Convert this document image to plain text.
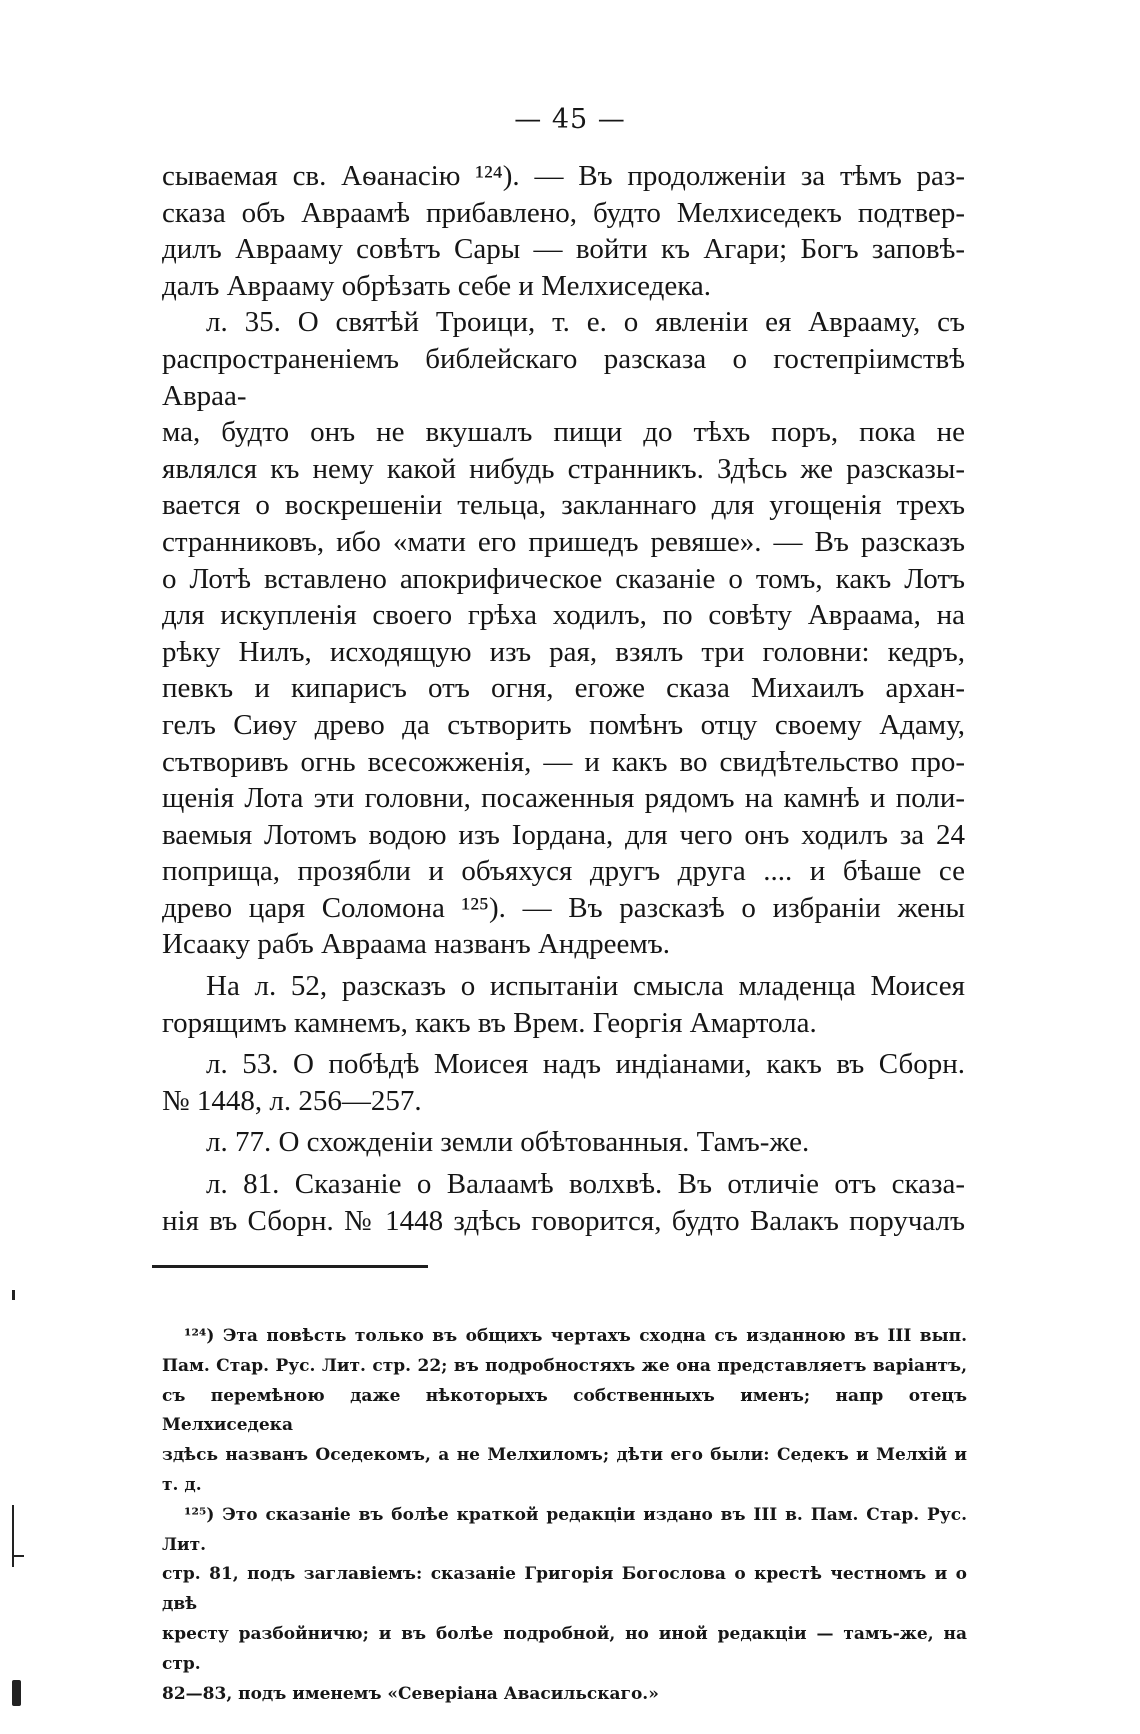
— 45 —

сываемая св. Аѳанасію ¹²⁴). — Въ продолженіи за тѣмъ раз-

сказа объ Авраамѣ прибавлено, будто Мелхиседекъ подтвер-

дилъ Аврааму совѣтъ Сары — войти къ Агари; Богъ заповѣ-

далъ Аврааму обрѣзать себе и Мелхиседека.

л. 35. О святѣй Троици, т. е. о явленіи ея Аврааму, съ

распространеніемъ библейскаго разсказа о гостепріимствѣ Авраа-

ма, будто онъ не вкушалъ пищи до тѣхъ поръ, пока не

являлся къ нему какой нибудь странникъ. Здѣсь же разсказы-

вается о воскрешеніи тельца, закланнаго для угощенія трехъ

странниковъ, ибо «мати его пришедъ ревяше». — Въ разсказъ

о Лотѣ вставлено апокрифическое сказаніе о томъ, какъ Лотъ

для искупленія своего грѣха ходилъ, по совѣту Авраама, на

рѣку Нилъ, исходящую изъ рая, взялъ три головни: кедръ,

певкъ и кипарисъ отъ огня, егоже сказа Михаилъ архан-

гелъ Сиѳу древо да сътворить помѣнъ отцу своему Адаму,

сътворивъ огнь всесожженія, — и какъ во свидѣтельство про-

щенія Лота эти головни, посаженныя рядомъ на камнѣ и поли-

ваемыя Лотомъ водою изъ Іордана, для чего онъ ходилъ за 24

поприща, прозябли и объяхуся другъ друга .... и бѣаше се

древо царя Соломона ¹²⁵). — Въ разсказѣ о избраніи жены

Исааку рабъ Авраама названъ Андреемъ.

На л. 52, разсказъ о испытаніи смысла младенца Моисея

горящимъ камнемъ, какъ въ Врем. Георгія Амартола.

л. 53. О побѣдѣ Моисея надъ индіанами, какъ въ Сборн.

№ 1448, л. 256—257.

л. 77. О схожденіи земли обѣтованныя. Тамъ-же.

л. 81. Сказаніе о Валаамѣ волхвѣ. Въ отличіе отъ сказа-

нія въ Сборн. № 1448 здѣсь говорится, будто Валакъ поручалъ

¹²⁴) Эта повѣсть только въ общихъ чертахъ сходна съ изданною въ III вып.

Пам. Стар. Рус. Лит. стр. 22; въ подробностяхъ же она представляетъ варіантъ,

съ перемѣною даже нѣкоторыхъ собственныхъ именъ; напр отецъ Мелхиседека

здѣсь названъ Оседекомъ, а не Мелхиломъ; дѣти его были: Седекъ и Мелхій и т. д.

¹²⁵) Это сказаніе въ болѣе краткой редакціи издано въ III в. Пам. Стар. Рус. Лит.

стр. 81, подъ заглавіемъ: сказаніе Григорія Богослова о крестѣ честномъ и о двѣ

кресту разбойничю; и въ болѣе подробной, но иной редакціи — тамъ-же, на стр.

82—83, подъ именемъ «Северіана Авасильскаго.»
